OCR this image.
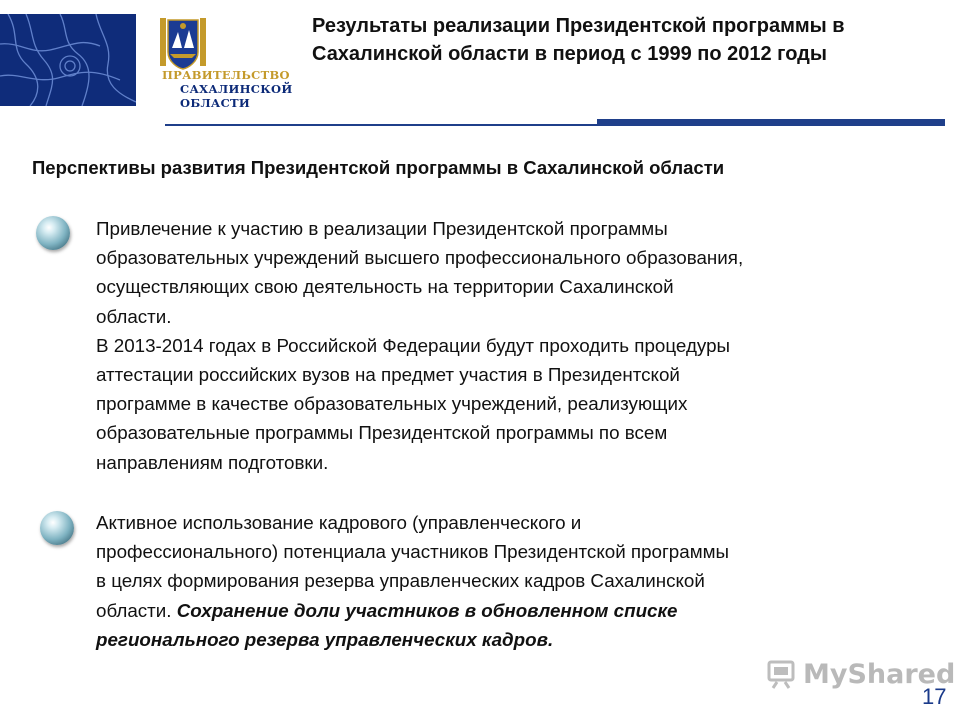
ПРАВИТЕЛЬСТВО
САХАЛИНСКОЙ
ОБЛАСТИ
Результаты реализации Президентской программы в
Сахалинской области в период с 1999 по 2012 годы
Перспективы развития Президентской программы в Сахалинской области
Привлечение к участию в реализации Президентской программы
образовательных учреждений высшего профессионального образования,
осуществляющих свою деятельность на территории Сахалинской
области.
В 2013-2014 годах в Российской Федерации будут проходить процедуры
аттестации российских вузов на предмет участия в Президентской
программе в качестве образовательных учреждений, реализующих
образовательные программы Президентской программы по всем
направлениям подготовки.
Активное использование кадрового (управленческого и
профессионального) потенциала участников Президентской программы
в целях формирования резерва управленческих кадров Сахалинской
области. Сохранение доли участников в обновленном списке
регионального резерва управленческих кадров.
MyShared
17
